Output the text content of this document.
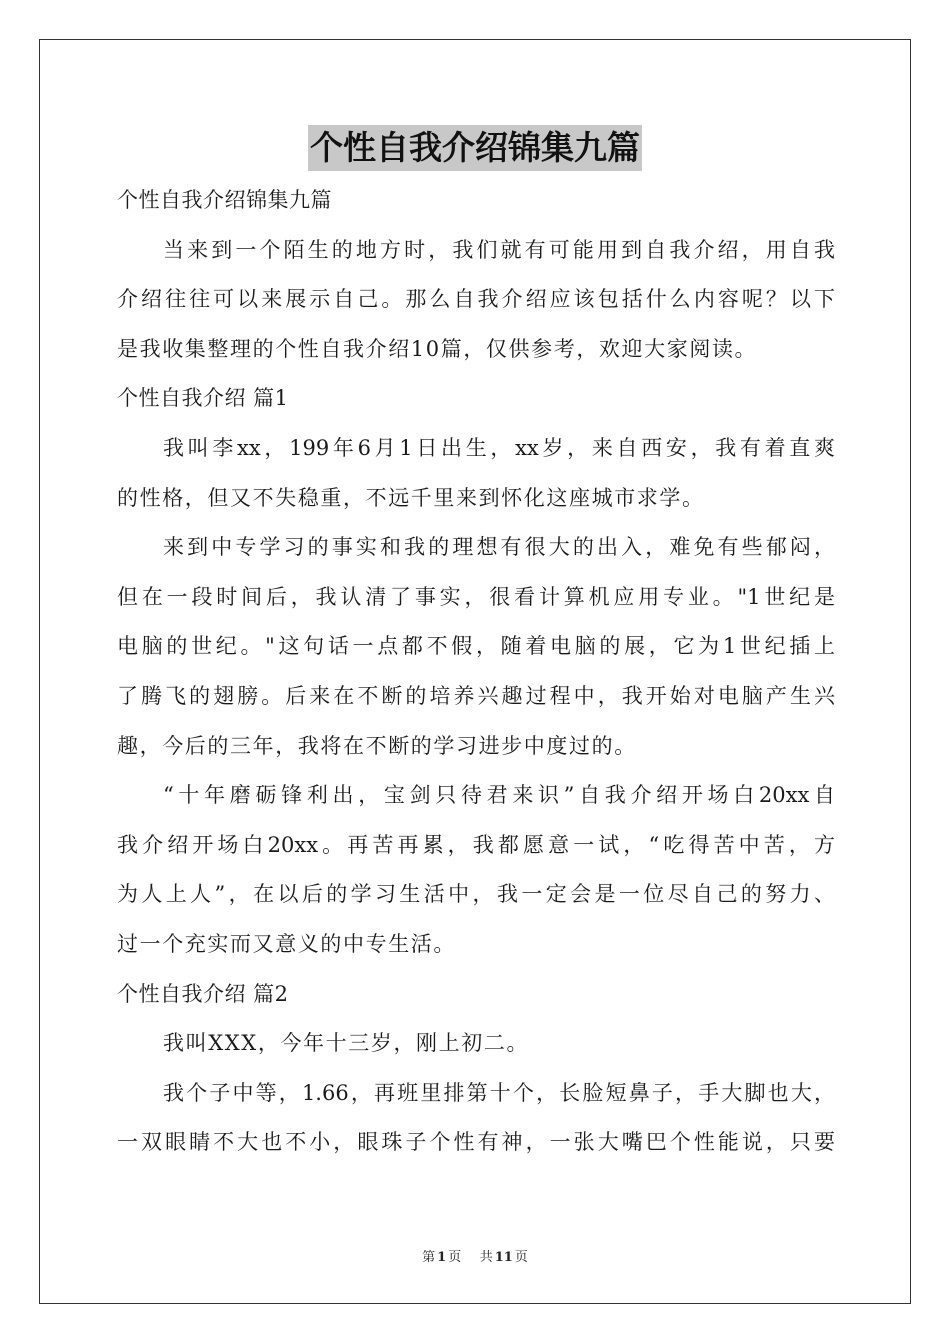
个性自我介绍锦集九篇
个性自我介绍锦集九篇
当来到一个陌生的地方时，我们就有可能用到自我介绍，用自我
介绍往往可以来展示自己。那么自我介绍应该包括什么内容呢？以下
是我收集整理的个性自我介绍10篇，仅供参考，欢迎大家阅读。
个性自我介绍 篇1
我叫李xx，199年6月1日出生，xx岁，来自西安，我有着直爽
的性格，但又不失稳重，不远千里来到怀化这座城市求学。
来到中专学习的事实和我的理想有很大的出入，难免有些郁闷，
但在一段时间后，我认清了事实，很看计算机应用专业。"1世纪是
电脑的世纪。"这句话一点都不假，随着电脑的展，它为1世纪插上
了腾飞的翅膀。后来在不断的培养兴趣过程中，我开始对电脑产生兴
趣，今后的三年，我将在不断的学习进步中度过的。
“十年磨砺锋利出，宝剑只待君来识”自我介绍开场白20xx自
我介绍开场白20xx。再苦再累，我都愿意一试，“吃得苦中苦，方
为人上人”，在以后的学习生活中，我一定会是一位尽自己的努力、
过一个充实而又意义的中专生活。
个性自我介绍 篇2
我叫XXX，今年十三岁，刚上初二。
我个子中等，1.66，再班里排第十个，长脸短鼻子，手大脚也大，
一双眼睛不大也不小，眼珠子个性有神，一张大嘴巴个性能说，只要
第 1 页 共 11 页
